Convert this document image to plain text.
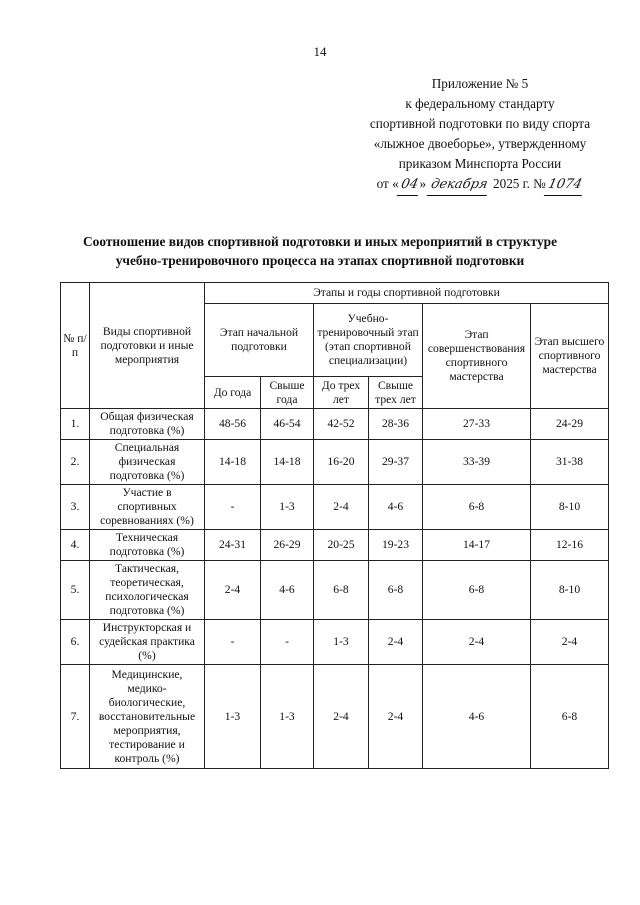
14
Приложение № 5
к федеральному стандарту
спортивной подготовки по виду спорта
«лыжное двоеборье», утвержденному
приказом Минспорта России
от «04» декабря 2025 г. №1074
Соотношение видов спортивной подготовки и иных мероприятий в структуре
учебно-тренировочного процесса на этапах спортивной подготовки
№ п/п	Виды спортивной подготовки и иные мероприятия	Этапы и годы спортивной подготовки					
		Этап начальной подготовки		Учебно-тренировочный этап (этап спортивной специализации)		Этап совершенствования спортивного мастерства	Этап высшего спортивного мастерства
		До года	Свыше года	До трех лет	Свыше трех лет		
1.	Общая физическая подготовка (%)	48-56	46-54	42-52	28-36	27-33	24-29
2.	Специальная физическая подготовка (%)	14-18	14-18	16-20	29-37	33-39	31-38
3.	Участие в спортивных соревнованиях (%)	-	1-3	2-4	4-6	6-8	8-10
4.	Техническая подготовка (%)	24-31	26-29	20-25	19-23	14-17	12-16
5.	Тактическая, теоретическая, психологическая подготовка (%)	2-4	4-6	6-8	6-8	6-8	8-10
6.	Инструкторская и судейская практика (%)	-	-	1-3	2-4	2-4	2-4
7.	Медицинские, медико-биологические, восстановительные мероприятия, тестирование и контроль (%)	1-3	1-3	2-4	2-4	4-6	6-8
